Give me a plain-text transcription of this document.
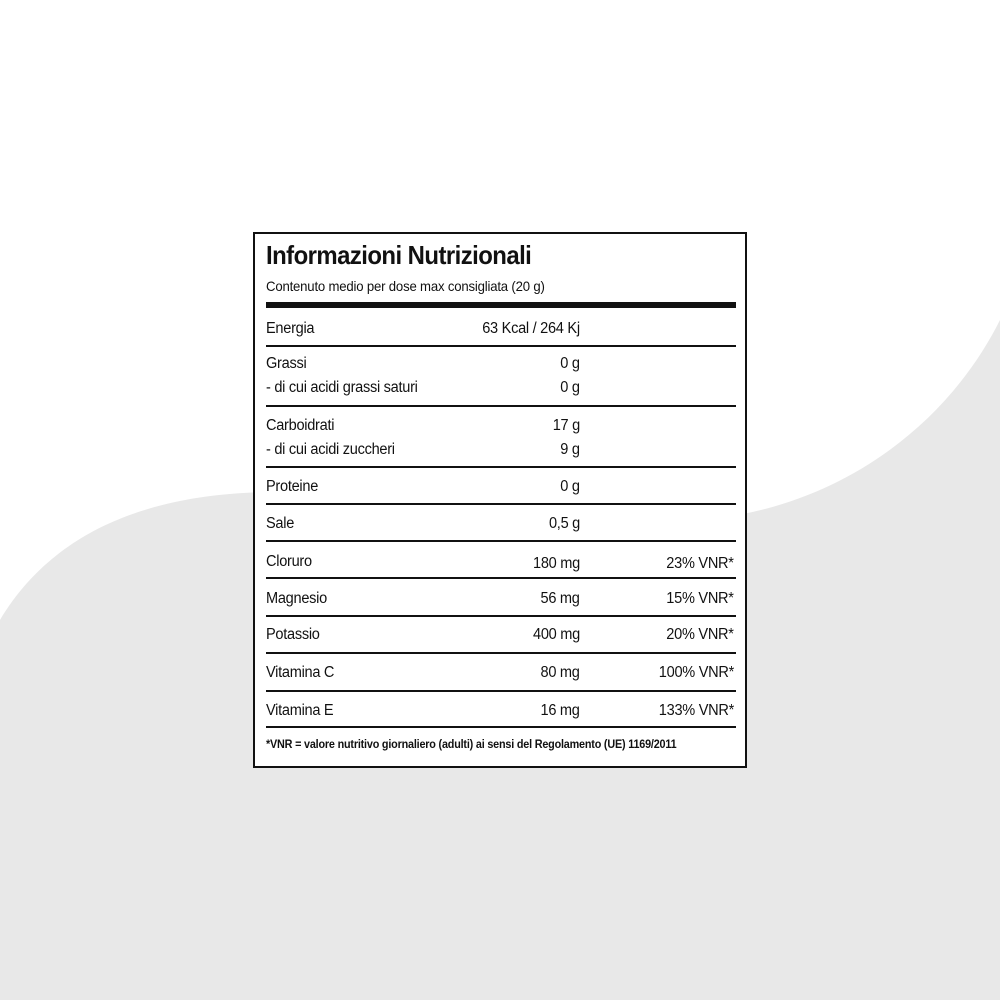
Informazioni Nutrizionali
Contenuto medio per dose max consigliata (20 g)
Energia	63 Kcal / 264 Kj
Grassi	0 g
- di cui acidi grassi saturi	0 g
Carboidrati	17 g
- di cui acidi zuccheri	9 g
Proteine	0 g
Sale	0,5 g
Cloruro	180 mg	23% VNR*
Magnesio	56 mg	15% VNR*
Potassio	400 mg	20% VNR*
Vitamina C	80 mg	100% VNR*
Vitamina E	16 mg	133% VNR*
*VNR = valore nutritivo giornaliero (adulti) ai sensi del Regolamento (UE) 1169/2011
